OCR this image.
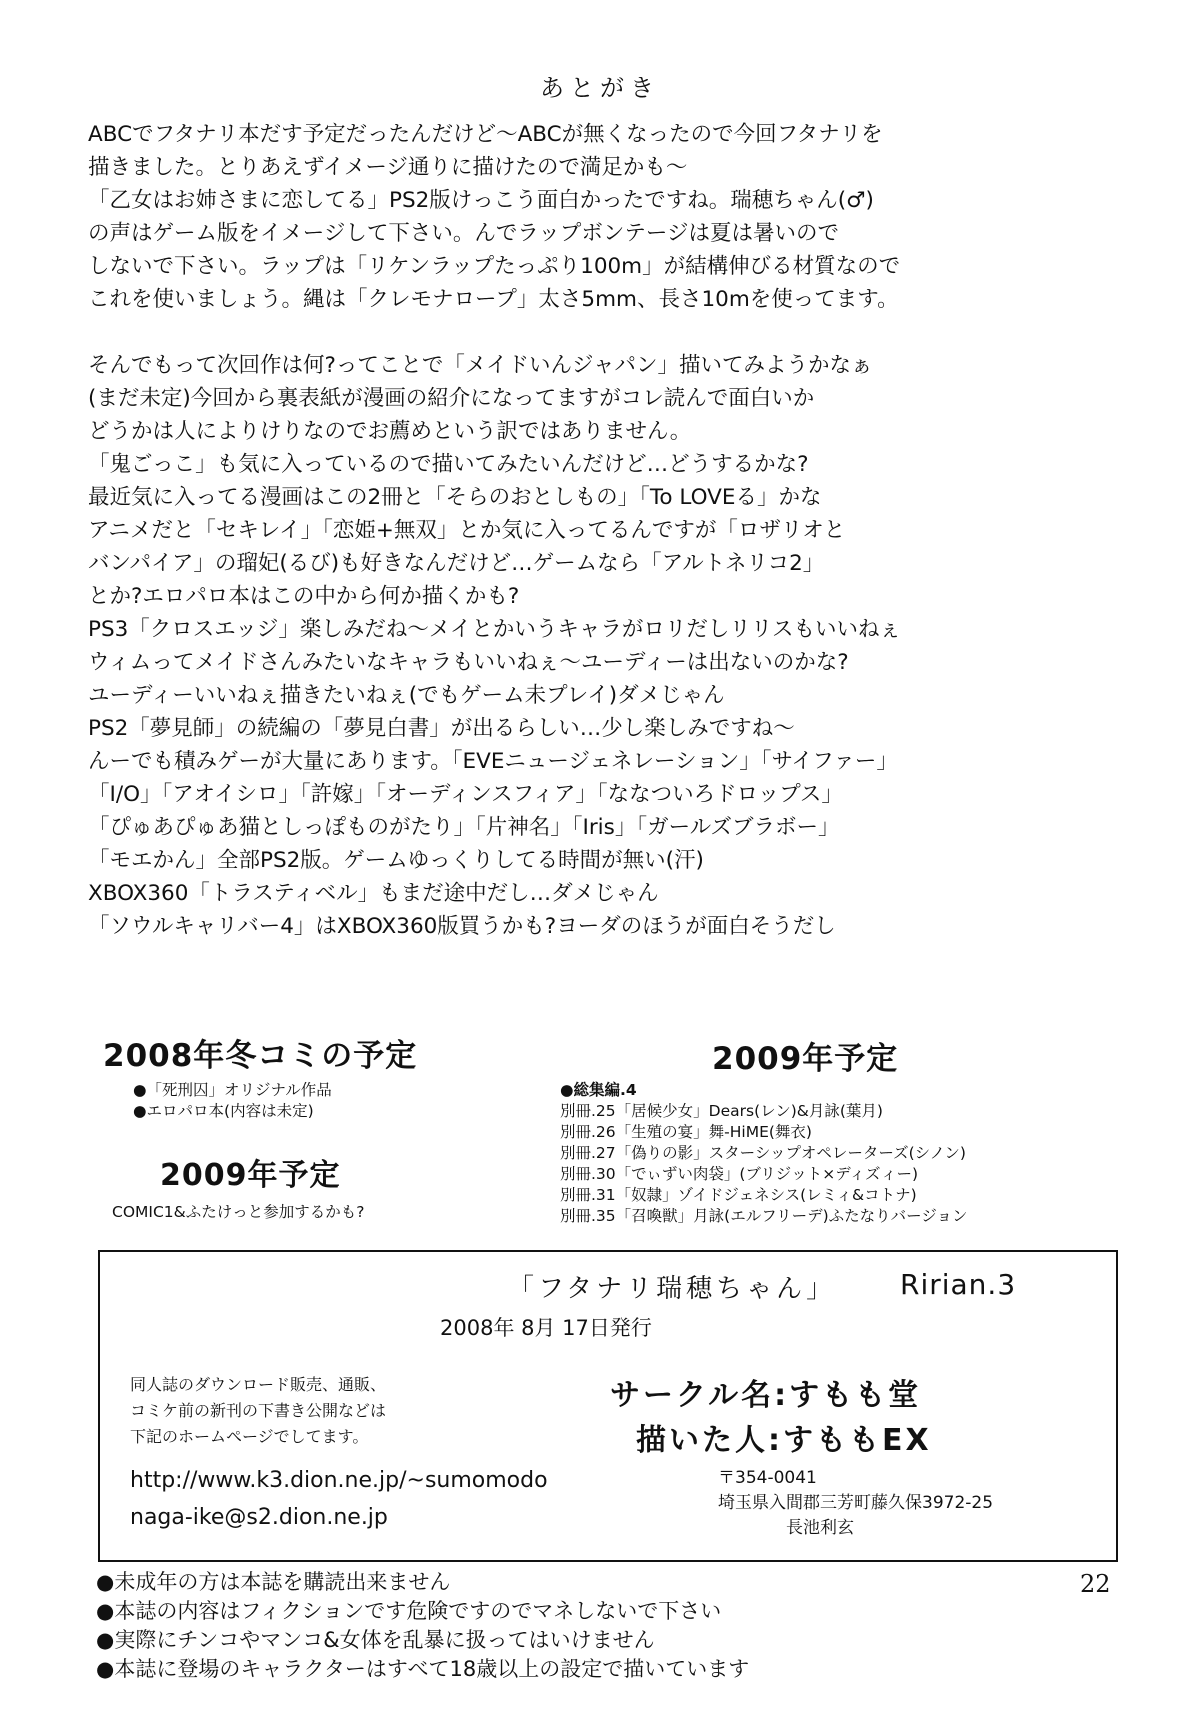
あとがき
ABCでフタナリ本だす予定だったんだけど〜ABCが無くなったので今回フタナリを
描きました。とりあえずイメージ通りに描けたので満足かも〜
「乙女はお姉さまに恋してる」PS2版けっこう面白かったですね。瑞穂ちゃん(♂)
の声はゲーム版をイメージして下さい。んでラップボンテージは夏は暑いので
しないで下さい。ラップは「リケンラップたっぷり100m」が結構伸びる材質なので
これを使いましょう。縄は「クレモナロープ」太さ5mm、長さ10mを使ってます。
そんでもって次回作は何?ってことで「メイドいんジャパン」描いてみようかなぁ
(まだ未定)今回から裏表紙が漫画の紹介になってますがコレ読んで面白いか
どうかは人によりけりなのでお薦めという訳ではありません。
「鬼ごっこ」も気に入っているので描いてみたいんだけど…どうするかな?
最近気に入ってる漫画はこの2冊と「そらのおとしもの」「To LOVEる」かな
アニメだと「セキレイ」「恋姫+無双」とか気に入ってるんですが「ロザリオと
バンパイア」の瑠妃(るび)も好きなんだけど…ゲームなら「アルトネリコ2」
とか?エロパロ本はこの中から何か描くかも?
PS3「クロスエッジ」楽しみだね〜メイとかいうキャラがロリだしリリスもいいねぇ
ウィムってメイドさんみたいなキャラもいいねぇ〜ユーディーは出ないのかな?
ユーディーいいねぇ描きたいねぇ(でもゲーム未プレイ)ダメじゃん
PS2「夢見師」の続編の「夢見白書」が出るらしい…少し楽しみですね〜
んーでも積みゲーが大量にあります。「EVEニュージェネレーション」「サイファー」
「I/O」「アオイシロ」「許嫁」「オーディンスフィア」「ななついろドロップス」
「ぴゅあぴゅあ猫としっぽものがたり」「片神名」「Iris」「ガールズブラボー」
「モエかん」全部PS2版。ゲームゆっくりしてる時間が無い(汗)
XBOX360「トラスティベル」もまだ途中だし…ダメじゃん
「ソウルキャリバー4」はXBOX360版買うかも?ヨーダのほうが面白そうだし
2008年冬コミの予定
●「死刑囚」オリジナル作品
●エロパロ本(内容は未定)
2009年予定
COMIC1&ふたけっと参加するかも?
2009年予定
●総集編.4
別冊.25「居候少女」Dears(レン)&月詠(葉月)
別冊.26「生殖の宴」舞-HiME(舞衣)
別冊.27「偽りの影」スターシップオペレーターズ(シノン)
別冊.30「でぃずい肉袋」(ブリジット×ディズィー)
別冊.31「奴隷」ゾイドジェネシス(レミィ&コトナ)
別冊.35「召喚獣」月詠(エルフリーデ)ふたなりバージョン
「フタナリ瑞穂ちゃん」 Ririan.3
2008年 8月 17日発行
同人誌のダウンロード販売、通販、
コミケ前の新刊の下書き公開などは
下記のホームページでしてます。
サークル名:すもも堂
描いた人:すももEX
http://www.k3.dion.ne.jp/~sumomodo
naga-ike@s2.dion.ne.jp
〒354-0041
埼玉県入間郡三芳町藤久保3972-25
長池利玄
22
●未成年の方は本誌を購読出来ません
●本誌の内容はフィクションです危険ですのでマネしないで下さい
●実際にチンコやマンコ&女体を乱暴に扱ってはいけません
●本誌に登場のキャラクターはすべて18歳以上の設定で描いています
